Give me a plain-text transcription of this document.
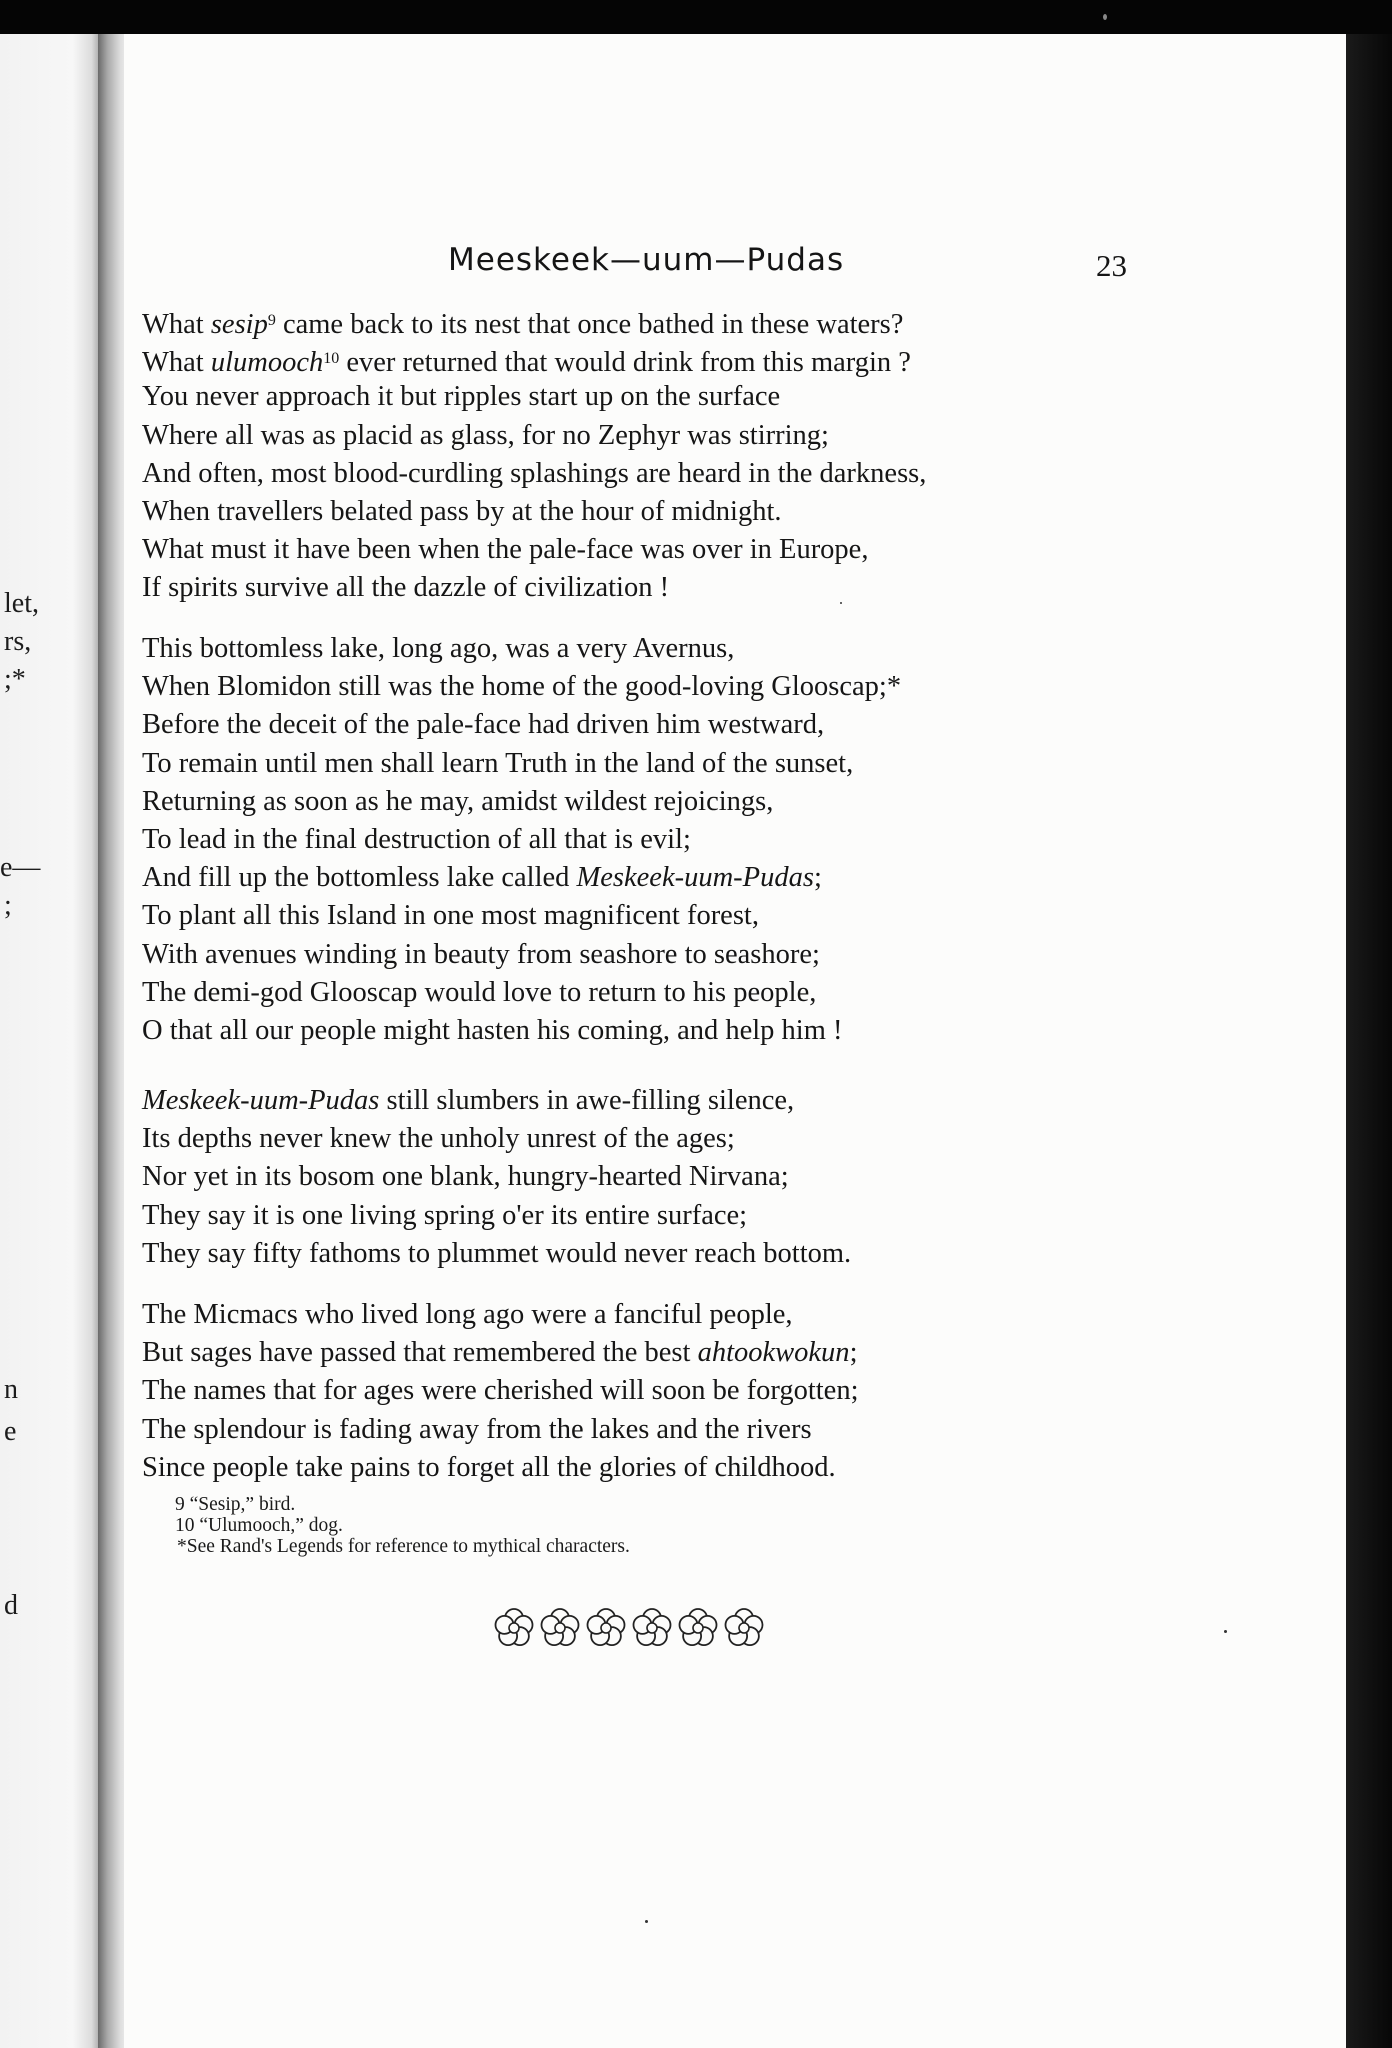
let,
rs,
;*
e—
;
n
e
d
Meeskeek—uum—Pudas	23
What sesip$^9$ came back to its nest that once bathed in these waters?
What ulumooch$^{10}$ ever returned that would drink from this margin ?
You never approach it but ripples start up on the surface
Where all was as placid as glass, for no Zephyr was stirring;
And often, most blood-curdling splashings are heard in the darkness,
When travellers belated pass by at the hour of midnight.
What must it have been when the pale-face was over in Europe,
If spirits survive all the dazzle of civilization !
This bottomless lake, long ago, was a very Avernus,
When Blomidon still was the home of the good-loving Glooscap;*
Before the deceit of the pale-face had driven him westward,
To remain until men shall learn Truth in the land of the sunset,
Returning as soon as he may, amidst wildest rejoicings,
To lead in the final destruction of all that is evil;
And fill up the bottomless lake called Meskeek-uum-Pudas;
To plant all this Island in one most magnificent forest,
With avenues winding in beauty from seashore to seashore;
The demi-god Glooscap would love to return to his people,
O that all our people might hasten his coming, and help him !
Meskeek-uum-Pudas still slumbers in awe-filling silence,
Its depths never knew the unholy unrest of the ages;
Nor yet in its bosom one blank, hungry-hearted Nirvana;
They say it is one living spring o'er its entire surface;
They say fifty fathoms to plummet would never reach bottom.
The Micmacs who lived long ago were a fanciful people,
But sages have passed that remembered the best ahtookwokun;
The names that for ages were cherished will soon be forgotten;
The splendour is fading away from the lakes and the rivers
Since people take pains to forget all the glories of childhood.
9 “Sesip,” bird.
10 “Ulumooch,” dog.
*See Rand's Legends for reference to mythical characters.
